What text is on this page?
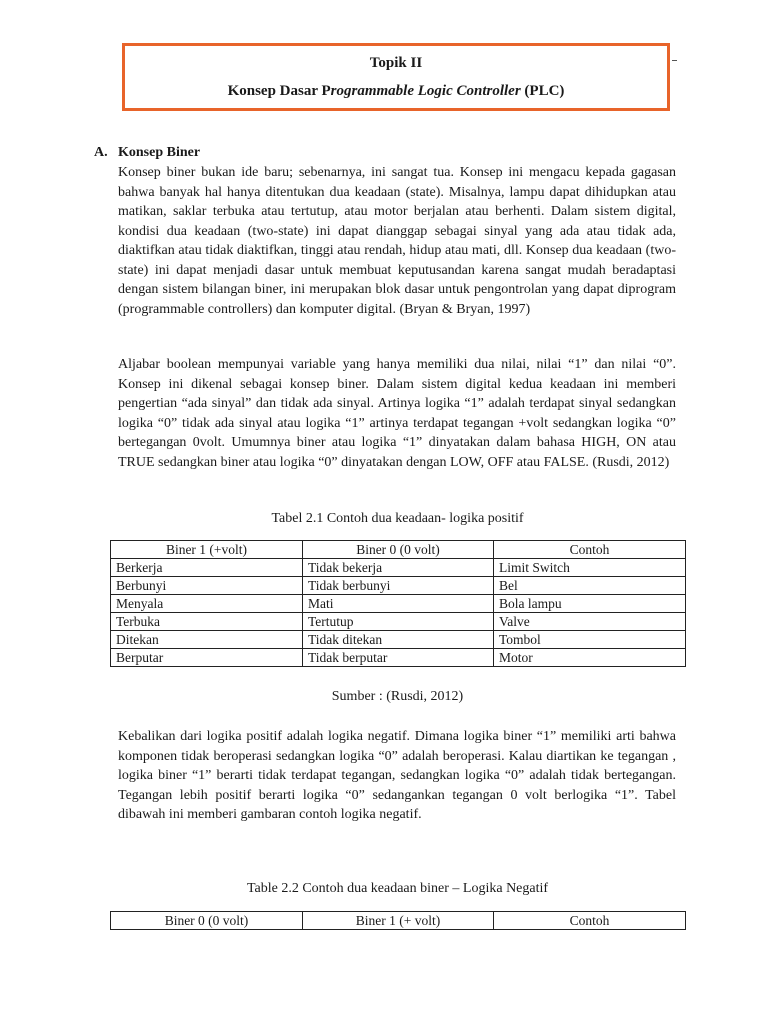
Topik II
Konsep Dasar Programmable Logic Controller (PLC)
A. Konsep Biner

Konsep biner bukan ide baru; sebenarnya, ini sangat tua. Konsep ini mengacu kepada gagasan bahwa banyak hal hanya ditentukan dua keadaan (state). Misalnya, lampu dapat dihidupkan atau matikan, saklar terbuka atau tertutup, atau motor berjalan atau berhenti. Dalam sistem digital, kondisi dua keadaan (two-state) ini dapat dianggap sebagai sinyal yang ada atau tidak ada, diaktifkan atau tidak diaktifkan, tinggi atau rendah, hidup atau mati, dll. Konsep dua keadaan (two-state) ini dapat menjadi dasar untuk membuat keputusandan karena sangat mudah beradaptasi dengan sistem bilangan biner, ini merupakan blok dasar untuk pengontrolan yang dapat diprogram (programmable controllers) dan komputer digital. (Bryan & Bryan, 1997)

Aljabar boolean mempunyai variable yang hanya memiliki dua nilai, nilai “1” dan nilai “0”. Konsep ini dikenal sebagai konsep biner. Dalam sistem digital kedua keadaan ini memberi pengertian “ada sinyal” dan tidak ada sinyal. Artinya logika “1” adalah terdapat sinyal sedangkan logika “0” tidak ada sinyal atau logika “1” artinya terdapat tegangan +volt sedangkan logika “0” bertegangan 0volt. Umumnya biner atau logika “1” dinyatakan dalam bahasa HIGH, ON atau TRUE sedangkan biner atau logika “0” dinyatakan dengan LOW, OFF atau FALSE. (Rusdi, 2012)

Tabel 2.1 Contoh dua keadaan- logika positif
Biner 1 (+volt)	Biner 0 (0 volt)	Contoh
Berkerja	Tidak bekerja	Limit Switch
Berbunyi	Tidak berbunyi	Bel
Menyala	Mati	Bola lampu
Terbuka	Tertutup	Valve
Ditekan	Tidak ditekan	Tombol
Berputar	Tidak berputar	Motor
Sumber : (Rusdi, 2012)

Kebalikan dari logika positif adalah logika negatif. Dimana logika biner “1” memiliki arti bahwa komponen tidak beroperasi sedangkan logika “0” adalah beroperasi. Kalau diartikan ke tegangan , logika biner “1” berarti tidak terdapat tegangan, sedangkan logika “0” adalah tidak bertegangan. Tegangan lebih positif berarti logika “0” sedangankan tegangan 0 volt berlogika “1”. Tabel dibawah ini memberi gambaran contoh logika negatif.

Table 2.2 Contoh dua keadaan biner – Logika Negatif
Biner 0 (0 volt)	Biner 1 (+ volt)	Contoh
